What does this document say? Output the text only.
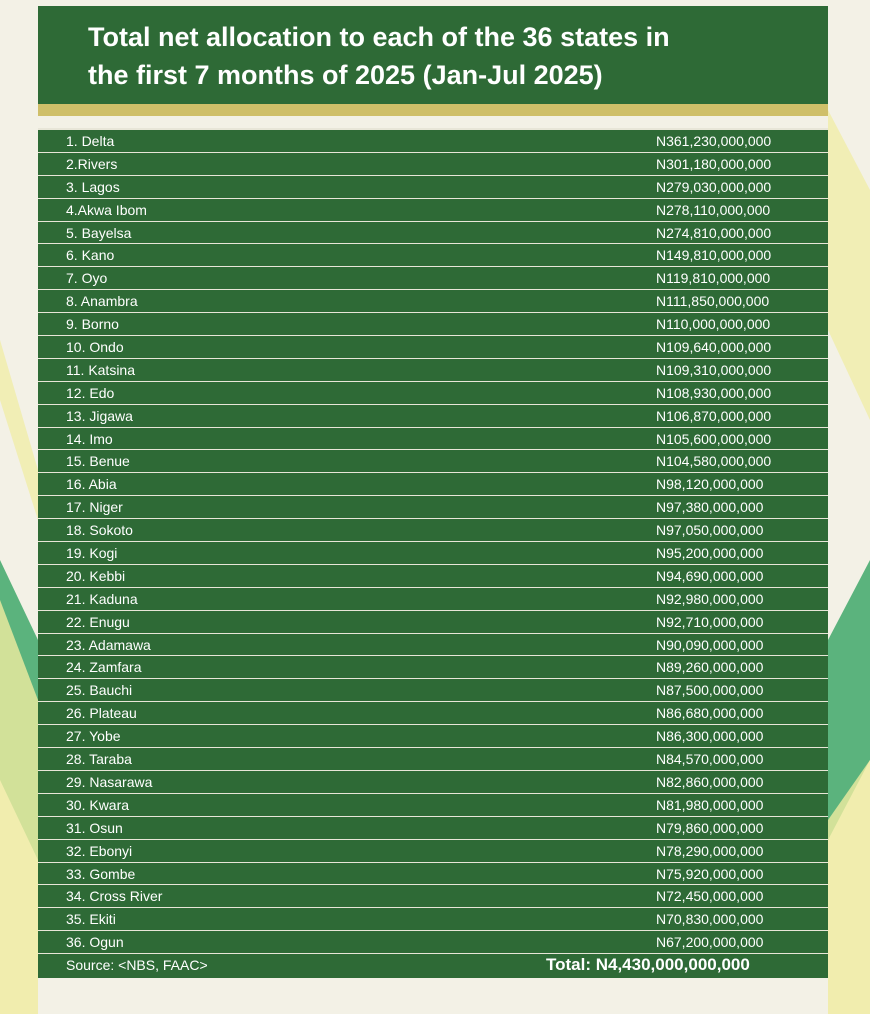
Total net allocation to each of the 36 states in
the first 7 months of 2025 (Jan-Jul 2025)

1. Delta	N361,230,000,000
2.Rivers	N301,180,000,000
3. Lagos	N279,030,000,000
4.Akwa Ibom	N278,110,000,000
5. Bayelsa	N274,810,000,000
6. Kano	N149,810,000,000
7. Oyo	N119,810,000,000
8. Anambra	N111,850,000,000
9. Borno	N110,000,000,000
10. Ondo	N109,640,000,000
11. Katsina	N109,310,000,000
12. Edo	N108,930,000,000
13. Jigawa	N106,870,000,000
14. Imo	N105,600,000,000
15. Benue	N104,580,000,000
16. Abia	N98,120,000,000
17. Niger	N97,380,000,000
18. Sokoto	N97,050,000,000
19. Kogi	N95,200,000,000
20. Kebbi	N94,690,000,000
21. Kaduna	N92,980,000,000
22. Enugu	N92,710,000,000
23. Adamawa	N90,090,000,000
24. Zamfara	N89,260,000,000
25. Bauchi	N87,500,000,000
26. Plateau	N86,680,000,000
27. Yobe	N86,300,000,000
28. Taraba	N84,570,000,000
29. Nasarawa	N82,860,000,000
30. Kwara	N81,980,000,000
31. Osun	N79,860,000,000
32. Ebonyi	N78,290,000,000
33. Gombe	N75,920,000,000
34. Cross River	N72,450,000,000
35. Ekiti	N70,830,000,000
36. Ogun	N67,200,000,000
Source: <NBS, FAAC>	Total: N4,430,000,000,000
